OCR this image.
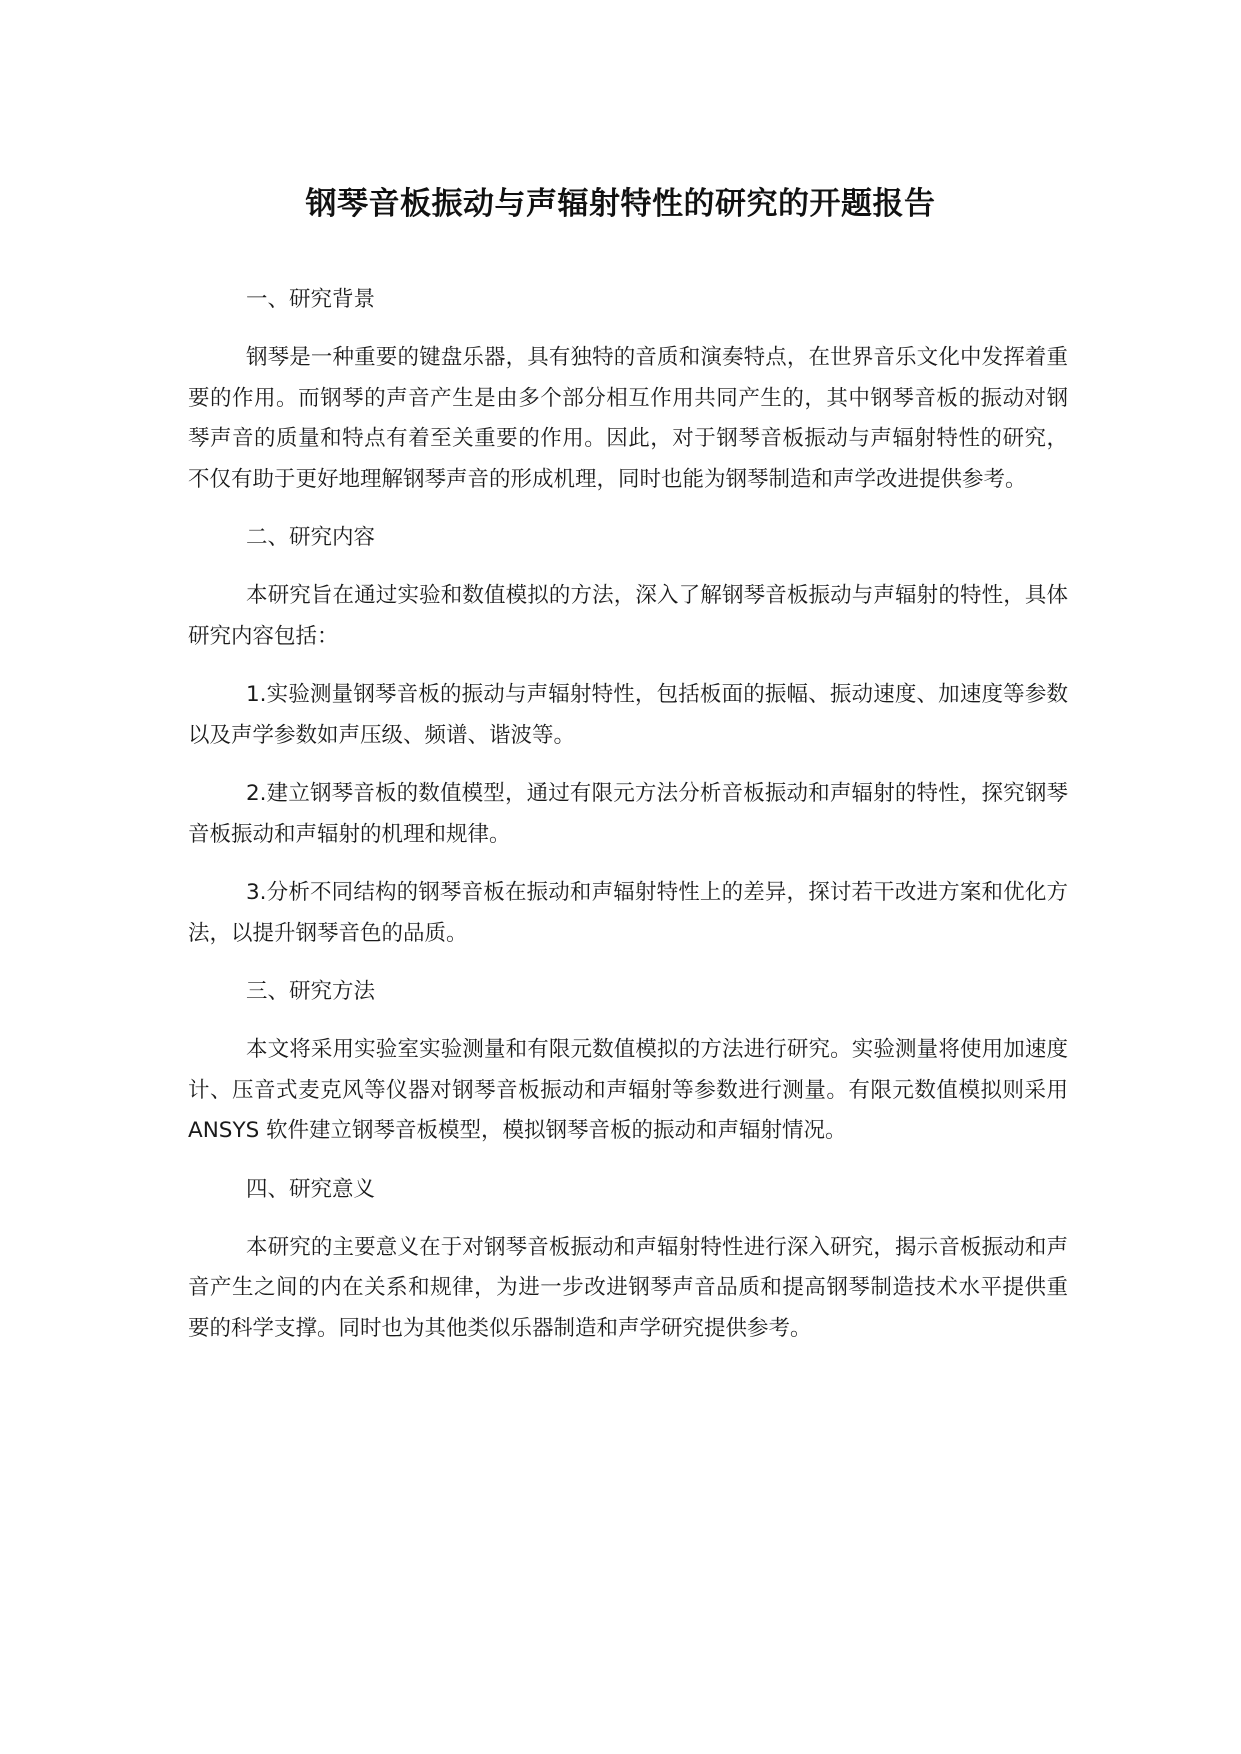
钢琴音板振动与声辐射特性的研究的开题报告
一、研究背景

钢琴是一种重要的键盘乐器，具有独特的音质和演奏特点，在世界音乐文化中发挥着重要的作用。而钢琴的声音产生是由多个部分相互作用共同产生的，其中钢琴音板的振动对钢琴声音的质量和特点有着至关重要的作用。因此，对于钢琴音板振动与声辐射特性的研究，不仅有助于更好地理解钢琴声音的形成机理，同时也能为钢琴制造和声学改进提供参考。

二、研究内容

本研究旨在通过实验和数值模拟的方法，深入了解钢琴音板振动与声辐射的特性，具体研究内容包括：

1.实验测量钢琴音板的振动与声辐射特性，包括板面的振幅、振动速度、加速度等参数以及声学参数如声压级、频谱、谐波等。

2.建立钢琴音板的数值模型，通过有限元方法分析音板振动和声辐射的特性，探究钢琴音板振动和声辐射的机理和规律。

3.分析不同结构的钢琴音板在振动和声辐射特性上的差异，探讨若干改进方案和优化方法，以提升钢琴音色的品质。

三、研究方法

本文将采用实验室实验测量和有限元数值模拟的方法进行研究。实验测量将使用加速度计、压音式麦克风等仪器对钢琴音板振动和声辐射等参数进行测量。有限元数值模拟则采用 ANSYS 软件建立钢琴音板模型，模拟钢琴音板的振动和声辐射情况。

四、研究意义

本研究的主要意义在于对钢琴音板振动和声辐射特性进行深入研究，揭示音板振动和声音产生之间的内在关系和规律，为进一步改进钢琴声音品质和提高钢琴制造技术水平提供重要的科学支撑。同时也为其他类似乐器制造和声学研究提供参考。
